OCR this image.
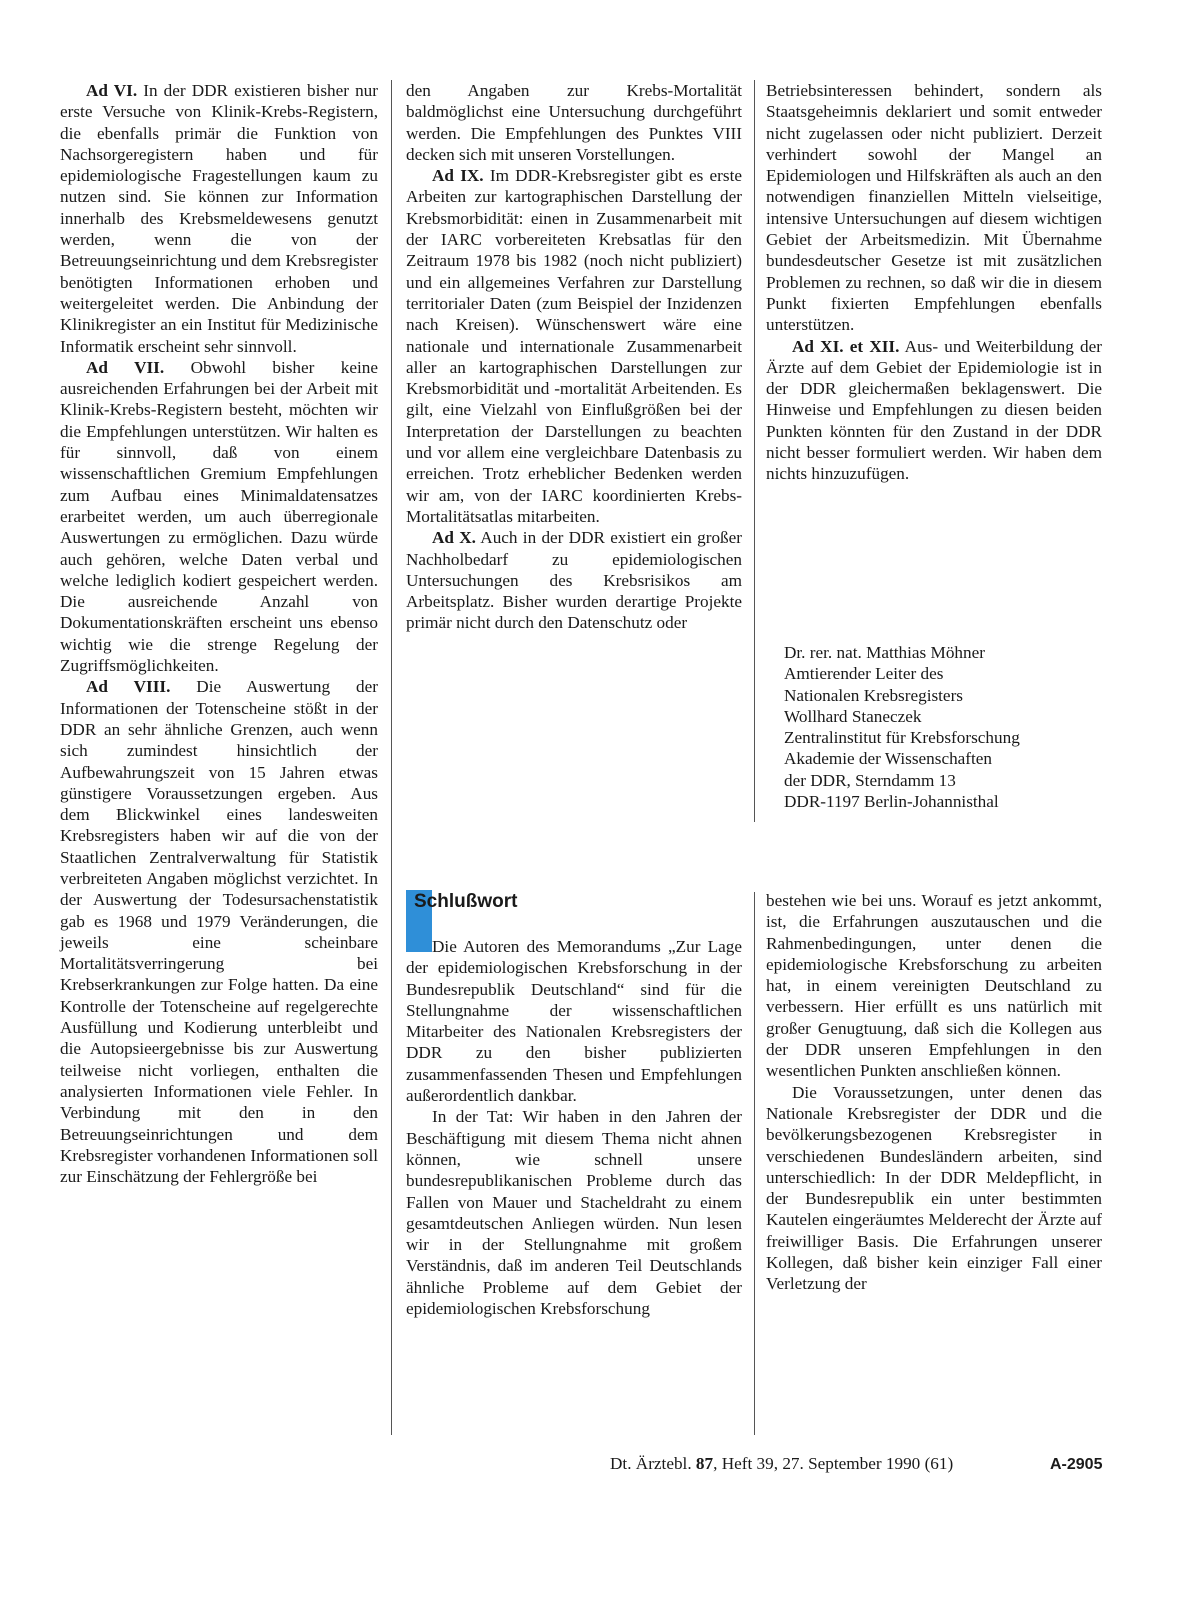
Ad VI. In der DDR existieren bisher nur erste Versuche von Klinik-Krebs-Registern, die ebenfalls primär die Funktion von Nachsorgeregistern haben und für epidemiologische Fragestellungen kaum zu nutzen sind. Sie können zur Information innerhalb des Krebsmeldewesens genutzt werden, wenn die von der Betreuungseinrichtung und dem Krebsregister benötigten Informationen erhoben und weitergeleitet werden. Die Anbindung der Klinikregister an ein Institut für Medizinische Informatik erscheint sehr sinnvoll.

Ad VII. Obwohl bisher keine ausreichenden Erfahrungen bei der Arbeit mit Klinik-Krebs-Registern besteht, möchten wir die Empfehlungen unterstützen. Wir halten es für sinnvoll, daß von einem wissenschaftlichen Gremium Empfehlungen zum Aufbau eines Minimaldatensatzes erarbeitet werden, um auch überregionale Auswertungen zu ermöglichen. Dazu würde auch gehören, welche Daten verbal und welche lediglich kodiert gespeichert werden. Die ausreichende Anzahl von Dokumentationskräften erscheint uns ebenso wichtig wie die strenge Regelung der Zugriffsmöglichkeiten.

Ad VIII. Die Auswertung der Informationen der Totenscheine stößt in der DDR an sehr ähnliche Grenzen, auch wenn sich zumindest hinsichtlich der Aufbewahrungszeit von 15 Jahren etwas günstigere Voraussetzungen ergeben. Aus dem Blickwinkel eines landesweiten Krebsregisters haben wir auf die von der Staatlichen Zentralverwaltung für Statistik verbreiteten Angaben möglichst verzichtet. In der Auswertung der Todesursachenstatistik gab es 1968 und 1979 Veränderungen, die jeweils eine scheinbare Mortalitätsverringerung bei Krebserkrankungen zur Folge hatten. Da eine Kontrolle der Totenscheine auf regelgerechte Ausfüllung und Kodierung unterbleibt und die Autopsieergebnisse bis zur Auswertung teilweise nicht vorliegen, enthalten die analysierten Informationen viele Fehler. In Verbindung mit den in den Betreuungseinrichtungen und dem Krebsregister vorhandenen Informationen soll zur Einschätzung der Fehlergröße bei

den Angaben zur Krebs-Mortalität baldmöglichst eine Untersuchung durchgeführt werden. Die Empfehlungen des Punktes VIII decken sich mit unseren Vorstellungen.

Ad IX. Im DDR-Krebsregister gibt es erste Arbeiten zur kartographischen Darstellung der Krebsmorbidität: einen in Zusammenarbeit mit der IARC vorbereiteten Krebsatlas für den Zeitraum 1978 bis 1982 (noch nicht publiziert) und ein allgemeines Verfahren zur Darstellung territorialer Daten (zum Beispiel der Inzidenzen nach Kreisen). Wünschenswert wäre eine nationale und internationale Zusammenarbeit aller an kartographischen Darstellungen zur Krebsmorbidität und -mortalität Arbeitenden. Es gilt, eine Vielzahl von Einflußgrößen bei der Interpretation der Darstellungen zu beachten und vor allem eine vergleichbare Datenbasis zu erreichen. Trotz erheblicher Bedenken werden wir am, von der IARC koordinierten Krebs-Mortalitätsatlas mitarbeiten.

Ad X. Auch in der DDR existiert ein großer Nachholbedarf zu epidemiologischen Untersuchungen des Krebsrisikos am Arbeitsplatz. Bisher wurden derartige Projekte primär nicht durch den Datenschutz oder

Betriebsinteressen behindert, sondern als Staatsgeheimnis deklariert und somit entweder nicht zugelassen oder nicht publiziert. Derzeit verhindert sowohl der Mangel an Epidemiologen und Hilfskräften als auch an den notwendigen finanziellen Mitteln vielseitige, intensive Untersuchungen auf diesem wichtigen Gebiet der Arbeitsmedizin. Mit Übernahme bundesdeutscher Gesetze ist mit zusätzlichen Problemen zu rechnen, so daß wir die in diesem Punkt fixierten Empfehlungen ebenfalls unterstützen.

Ad XI. et XII. Aus- und Weiterbildung der Ärzte auf dem Gebiet der Epidemiologie ist in der DDR gleichermaßen beklagenswert. Die Hinweise und Empfehlungen zu diesen beiden Punkten könnten für den Zustand in der DDR nicht besser formuliert werden. Wir haben dem nichts hinzuzufügen.

Dr. rer. nat. Matthias Möhner
Amtierender Leiter des
Nationalen Krebsregisters
Wollhard Staneczek
Zentralinstitut für Krebsforschung
Akademie der Wissenschaften
der DDR, Sterndamm 13
DDR-1197 Berlin-Johannisthal
Schlußwort

Die Autoren des Memorandums „Zur Lage der epidemiologischen Krebsforschung in der Bundesrepublik Deutschland“ sind für die Stellungnahme der wissenschaftlichen Mitarbeiter des Nationalen Krebsregisters der DDR zu den bisher publizierten zusammenfassenden Thesen und Empfehlungen außerordentlich dankbar.

In der Tat: Wir haben in den Jahren der Beschäftigung mit diesem Thema nicht ahnen können, wie schnell unsere bundesrepublikanischen Probleme durch das Fallen von Mauer und Stacheldraht zu einem gesamtdeutschen Anliegen würden. Nun lesen wir in der Stellungnahme mit großem Verständnis, daß im anderen Teil Deutschlands ähnliche Probleme auf dem Gebiet der epidemiologischen Krebsforschung

bestehen wie bei uns. Worauf es jetzt ankommt, ist, die Erfahrungen auszutauschen und die Rahmenbedingungen, unter denen die epidemiologische Krebsforschung zu arbeiten hat, in einem vereinigten Deutschland zu verbessern. Hier erfüllt es uns natürlich mit großer Genugtuung, daß sich die Kollegen aus der DDR unseren Empfehlungen in den wesentlichen Punkten anschließen können.

Die Voraussetzungen, unter denen das Nationale Krebsregister der DDR und die bevölkerungsbezogenen Krebsregister in verschiedenen Bundesländern arbeiten, sind unterschiedlich: In der DDR Meldepflicht, in der Bundesrepublik ein unter bestimmten Kautelen eingeräumtes Melderecht der Ärzte auf freiwilliger Basis. Die Erfahrungen unserer Kollegen, daß bisher kein einziger Fall einer Verletzung der

Dt. Ärztebl. 87, Heft 39, 27. September 1990 (61)	A-2905
